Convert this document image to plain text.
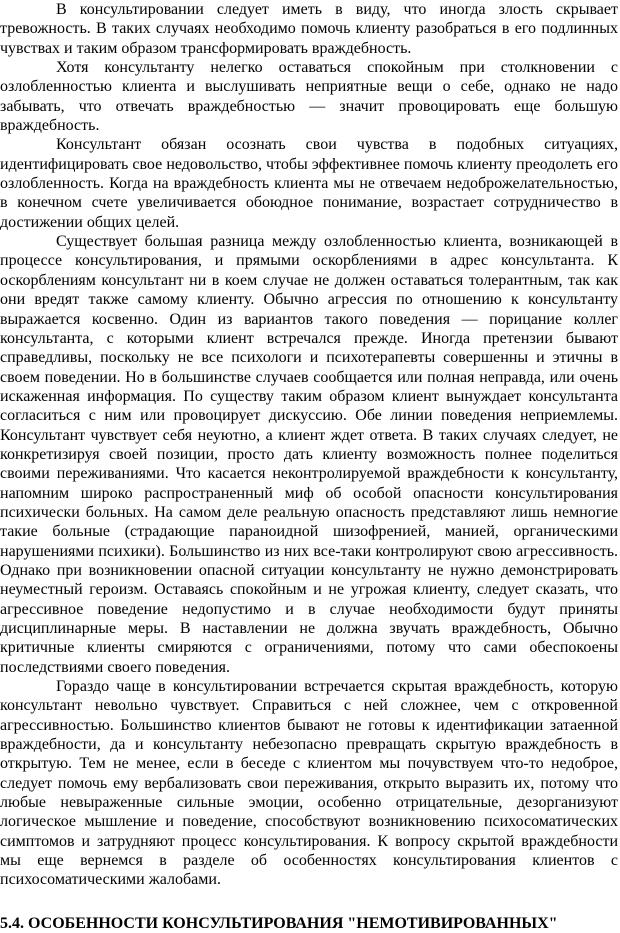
В консультировании следует иметь в виду, что иногда злость скрывает тревожность. В таких случаях необходимо помочь клиенту разобраться в его подлинных чувствах и таким образом трансформировать враждебность.

Хотя консультанту нелегко оставаться спокойным при столкновении с озлобленностью клиента и выслушивать неприятные вещи о себе, однако не надо забывать, что отвечать враждебностью — значит провоцировать еще большую враждебность.

Консультант обязан осознать свои чувства в подобных ситуациях, идентифицировать свое недовольство, чтобы эффективнее помочь клиенту преодолеть его озлобленность. Когда на враждебность клиента мы не отвечаем недоброжелательностью, в конечном счете увеличивается обоюдное понимание, возрастает сотрудничество в достижении общих целей.

Существует большая разница между озлобленностью клиента, возникающей в процессе консультирования, и прямыми оскорблениями в адрес консультанта. К оскорблениям консультант ни в коем случае не должен оставаться толерантным, так как они вредят также самому клиенту. Обычно агрессия по отношению к консультанту выражается косвенно. Один из вариантов такого поведения — порицание коллег консультанта, с которыми клиент встречался прежде. Иногда претензии бывают справедливы, поскольку не все психологи и психотерапевты совершенны и этичны в своем поведении. Но в большинстве случаев сообщается или полная неправда, или очень искаженная информация. По существу таким образом клиент вынуждает консультанта согласиться с ним или провоцирует дискуссию. Обе линии поведения неприемлемы. Консультант чувствует себя неуютно, а клиент ждет ответа. В таких случаях следует, не конкретизируя своей позиции, просто дать клиенту возможность полнее поделиться своими переживаниями. Что касается неконтролируемой враждебности к консультанту, напомним широко распространенный миф об особой опасности консультирования психически больных. На самом деле реальную опасность представляют лишь немногие такие больные (страдающие параноидной шизофренией, манией, органическими нарушениями психики). Большинство из них все-таки контролируют свою агрессивность. Однако при возникновении опасной ситуации консультанту не нужно демонстрировать неуместный героизм. Оставаясь спокойным и не угрожая клиенту, следует сказать, что агрессивное поведение недопустимо и в случае необходимости будут приняты дисциплинарные меры. В наставлении не должна звучать враждебность, Обычно критичные клиенты смиряются с ограничениями, потому что сами обеспокоены последствиями своего поведения.

Гораздо чаще в консультировании встречается скрытая враждебность, которую консультант невольно чувствует. Справиться с ней сложнее, чем с откровенной агрессивностью. Большинство клиентов бывают не готовы к идентификации затаенной враждебности, да и консультанту небезопасно превращать скрытую враждебность в открытую. Тем не менее, если в беседе с клиентом мы почувствуем что-то недоброе, следует помочь ему вербализовать свои переживания, открыто выразить их, потому что любые невыраженные сильные эмоции, особенно отрицательные, дезорганизуют логическое мышление и поведение, способствуют возникновению психосоматических симптомов и затрудняют процесс консультирования. К вопросу скрытой враждебности мы еще вернемся в разделе об особенностях консультирования клиентов с психосоматическими жалобами.

5.4. ОСОБЕННОСТИ КОНСУЛЬТИРОВАНИЯ "НЕМОТИВИРОВАННЫХ"
